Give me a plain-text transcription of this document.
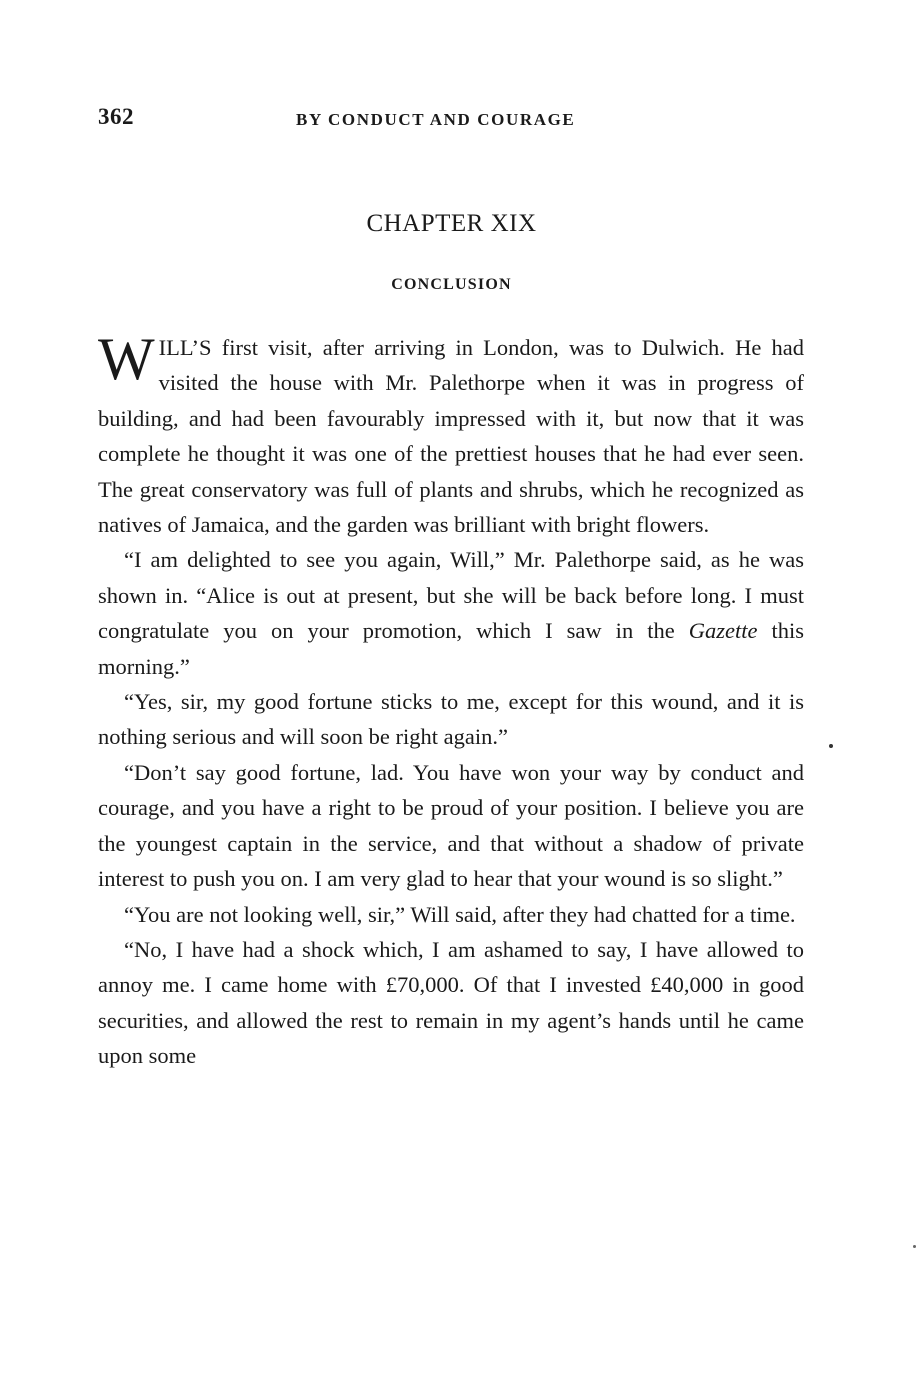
362	BY CONDUCT AND COURAGE
CHAPTER XIX
CONCLUSION

WILL’S first visit, after arriving in London, was to Dulwich. He had visited the house with Mr. Palethorpe when it was in progress of building, and had been favourably impressed with it, but now that it was complete he thought it was one of the prettiest houses that he had ever seen. The great conservatory was full of plants and shrubs, which he recognized as natives of Jamaica, and the garden was brilliant with bright flowers.

“I am delighted to see you again, Will,” Mr. Palethorpe said, as he was shown in. “Alice is out at present, but she will be back before long. I must congratulate you on your promotion, which I saw in the Gazette this morning.”

“Yes, sir, my good fortune sticks to me, except for this wound, and it is nothing serious and will soon be right again.”

“Don’t say good fortune, lad. You have won your way by conduct and courage, and you have a right to be proud of your position. I believe you are the youngest captain in the service, and that without a shadow of private interest to push you on. I am very glad to hear that your wound is so slight.”

“You are not looking well, sir,” Will said, after they had chatted for a time.

“No, I have had a shock which, I am ashamed to say, I have allowed to annoy me. I came home with £70,000. Of that I invested £40,000 in good securities, and allowed the rest to remain in my agent’s hands until he came upon some
